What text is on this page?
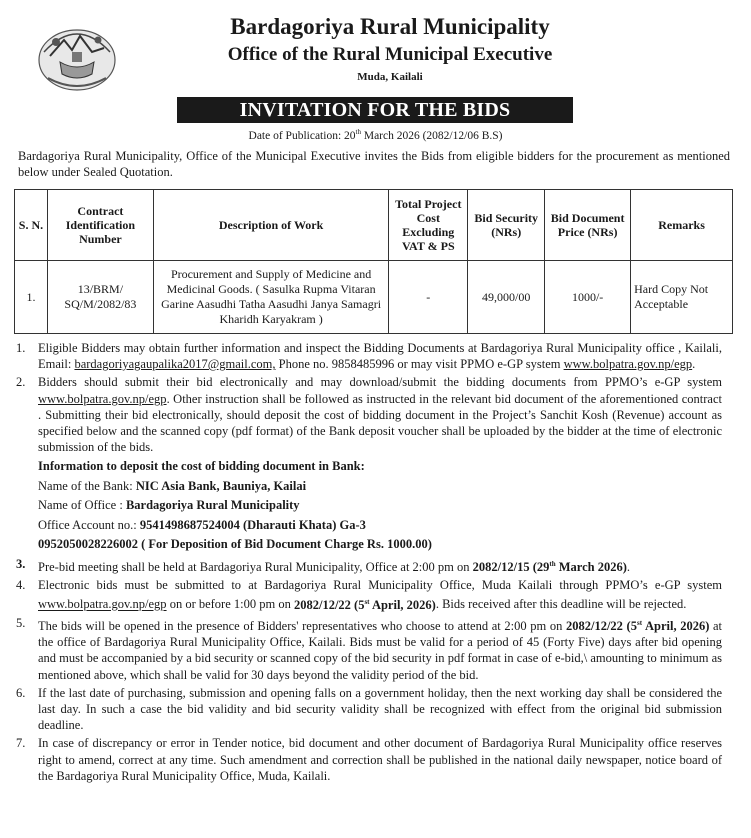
Bardagoriya Rural Municipality
Office of the Rural Municipal Executive
Muda, Kailali
INVITATION FOR THE BIDS
Date of Publication: 20th March 2026 (2082/12/06 B.S)
Bardagoriya Rural Municipality, Office of the Municipal Executive invites the Bids from eligible bidders for the procurement as mentioned below under Sealed Quotation.
S. N.	Contract Identification Number	Description of Work	Total Project Cost Excluding VAT & PS	Bid Security (NRs)	Bid Document Price (NRs)	Remarks
1.	13/BRM/ SQ/M/2082/83	Procurement and Supply of Medicine and Medicinal Goods. ( Sasulka Rupma Vitaran Garine Aasudhi Tatha Aasudhi Janya Samagri Kharidh Karyakram )	-	49,000/00	1000/-	Hard Copy Not Acceptable
1. Eligible Bidders may obtain further information and inspect the Bidding Documents at Bardagoriya Rural Municipality office , Kailali, Email: bardagoriyagaupalika2017@gmail.com, Phone no. 9858485996 or may visit PPMO e-GP system www.bolpatra.gov.np/egp.
2. Bidders should submit their bid electronically and may download/submit the bidding documents from PPMO’s e-GP system www.bolpatra.gov.np/egp. Other instruction shall be followed as instructed in the relevant bid document of the aforementioned contract . Submitting their bid electronically, should deposit the cost of bidding document in the Project’s Sanchit Kosh (Revenue) account as specified below and the scanned copy (pdf format) of the Bank deposit voucher shall be uploaded by the bidder at the time of electronic submission of the bids.
Information to deposit the cost of bidding document in Bank:
Name of the Bank: NIC Asia Bank, Bauniya, Kailai
Name of Office : Bardagoriya Rural Municipality
Office Account no.: 9541498687524004 (Dharauti Khata) Ga-3
0952050028226002 ( For Deposition of Bid Document Charge Rs. 1000.00)
3. Pre-bid meeting shall be held at Bardagoriya Rural Municipality, Office at 2:00 pm on 2082/12/15 (29th March 2026).
4. Electronic bids must be submitted to at Bardagoriya Rural Municipality Office, Muda Kailali through PPMO’s e-GP system www.bolpatra.gov.np/egp on or before 1:00 pm on 2082/12/22 (5st April, 2026). Bids received after this deadline will be rejected.
5. The bids will be opened in the presence of Bidders' representatives who choose to attend at 2:00 pm on 2082/12/22 (5st April, 2026) at the office of Bardagoriya Rural Municipality Office, Kailali. Bids must be valid for a period of 45 (Forty Five) days after bid opening and must be accompanied by a bid security or scanned copy of the bid security in pdf format in case of e-bid,\ amounting to minimum as mentioned above, which shall be valid for 30 days beyond the validity period of the bid.
6. If the last date of purchasing, submission and opening falls on a government holiday, then the next working day shall be considered the last day. In such a case the bid validity and bid security validity shall be recognized with effect from the original bid submission deadline.
7. In case of discrepancy or error in Tender notice, bid document and other document of Bardagoriya Rural Municipality office reserves right to amend, correct at any time. Such amendment and correction shall be published in the national daily newspaper, notice board of the Bardagoriya Rural Municipality Office, Muda, Kailali.
